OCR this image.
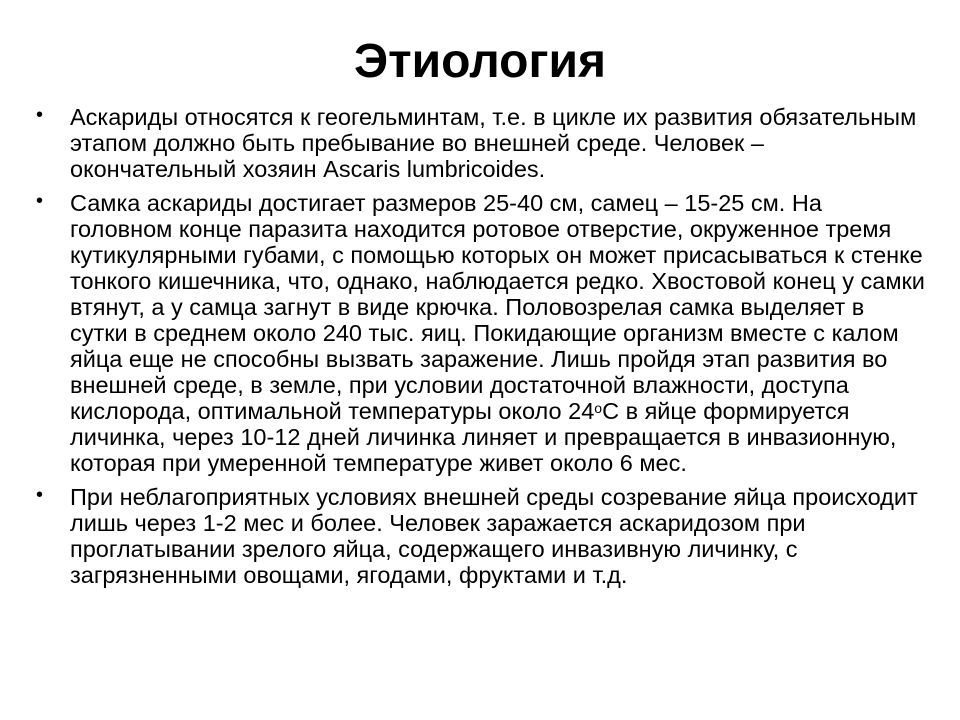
Этиология
• Аскариды относятся к геогельминтам, т.е. в цикле их развития обязательным этапом должно быть пребывание во внешней среде. Человек – окончательный хозяин Ascaris lumbricoides.
• Самка аскариды достигает размеров 25-40 см, самец – 15-25 см. На головном конце паразита находится ротовое отверстие, окруженное тремя кутикулярными губами, с помощью которых он может присасываться к стенке тонкого кишечника, что, однако, наблюдается редко. Хвостовой конец у самки втянут, а у самца загнут в виде крючка. Половозрелая самка выделяет в сутки в среднем около 240 тыс. яиц. Покидающие организм вместе с калом яйца еще не способны вызвать заражение. Лишь пройдя этап развития во внешней среде, в земле, при условии достаточной влажности, доступа кислорода, оптимальной температуры около $24^оС$ в яйце формируется личинка, через 10-12 дней личинка линяет и превращается в инвазионную, которая при умеренной температуре живет около 6 мес.
• При неблагоприятных условиях внешней среды созревание яйца происходит лишь через 1-2 мес и более. Человек заражается аскаридозом при проглатывании зрелого яйца, содержащего инвазивную личинку, с загрязненными овощами, ягодами, фруктами и т.д.
